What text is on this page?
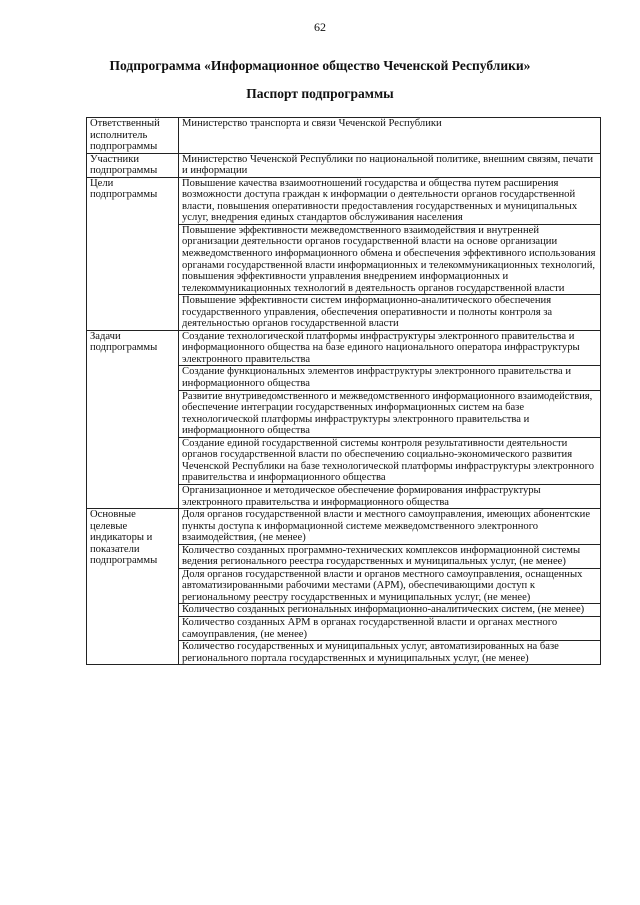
62
Подпрограмма «Информационное общество Чеченской Республики»
Паспорт подпрограммы
Ответственный исполнитель подпрограммы	Министерство транспорта и связи Чеченской Республики
Участники подпрограммы	Министерство Чеченской Республики по национальной политике, внешним связям, печати и информации
Цели подпрограммы	Повышение качества взаимоотношений государства и общества путем расширения возможности доступа граждан к информации о деятельности органов государственной власти, повышения оперативности предоставления государственных и муниципальных услуг, внедрения единых стандартов обслуживания населения
	Повышение эффективности межведомственного взаимодействия и внутренней организации деятельности органов государственной власти на основе организации межведомственного информационного обмена и обеспечения эффективного использования органами государственной власти информационных и телекоммуникационных технологий, повышения эффективности управления внедрением информационных и телекоммуникационных технологий в деятельность органов государственной власти
	Повышение эффективности систем информационно-аналитического обеспечения государственного управления, обеспечения оперативности и полноты контроля за деятельностью органов государственной власти
Задачи подпрограммы	Создание технологической платформы инфраструктуры электронного правительства и информационного общества на базе единого национального оператора инфраструктуры электронного правительства
	Создание функциональных элементов инфраструктуры электронного правительства и информационного общества
	Развитие внутриведомственного и межведомственного информационного взаимодействия, обеспечение интеграции государственных информационных систем на базе технологической платформы инфраструктуры электронного правительства и информационного общества
	Создание единой государственной системы контроля результативности деятельности органов государственной власти по обеспечению социально-экономического развития Чеченской Республики на базе технологической платформы инфраструктуры электронного правительства и информационного общества
	Организационное и методическое обеспечение формирования инфраструктуры электронного правительства и информационного общества
Основные целевые индикаторы и показатели подпрограммы	Доля органов государственной власти и местного самоуправления, имеющих абонентские пункты доступа к информационной системе межведомственного электронного взаимодействия, (не менее)
	Количество созданных программно-технических комплексов информационной системы ведения регионального реестра государственных и муниципальных услуг, (не менее)
	Доля органов государственной власти и органов местного самоуправления, оснащенных автоматизированными рабочими местами (АРМ), обеспечивающими доступ к региональному реестру государственных и муниципальных услуг, (не менее)
	Количество созданных региональных информационно-аналитических систем, (не менее)
	Количество созданных АРМ в органах государственной власти и органах местного самоуправления, (не менее)
	Количество государственных и муниципальных услуг, автоматизированных на базе регионального портала государственных и муниципальных услуг, (не менее)
